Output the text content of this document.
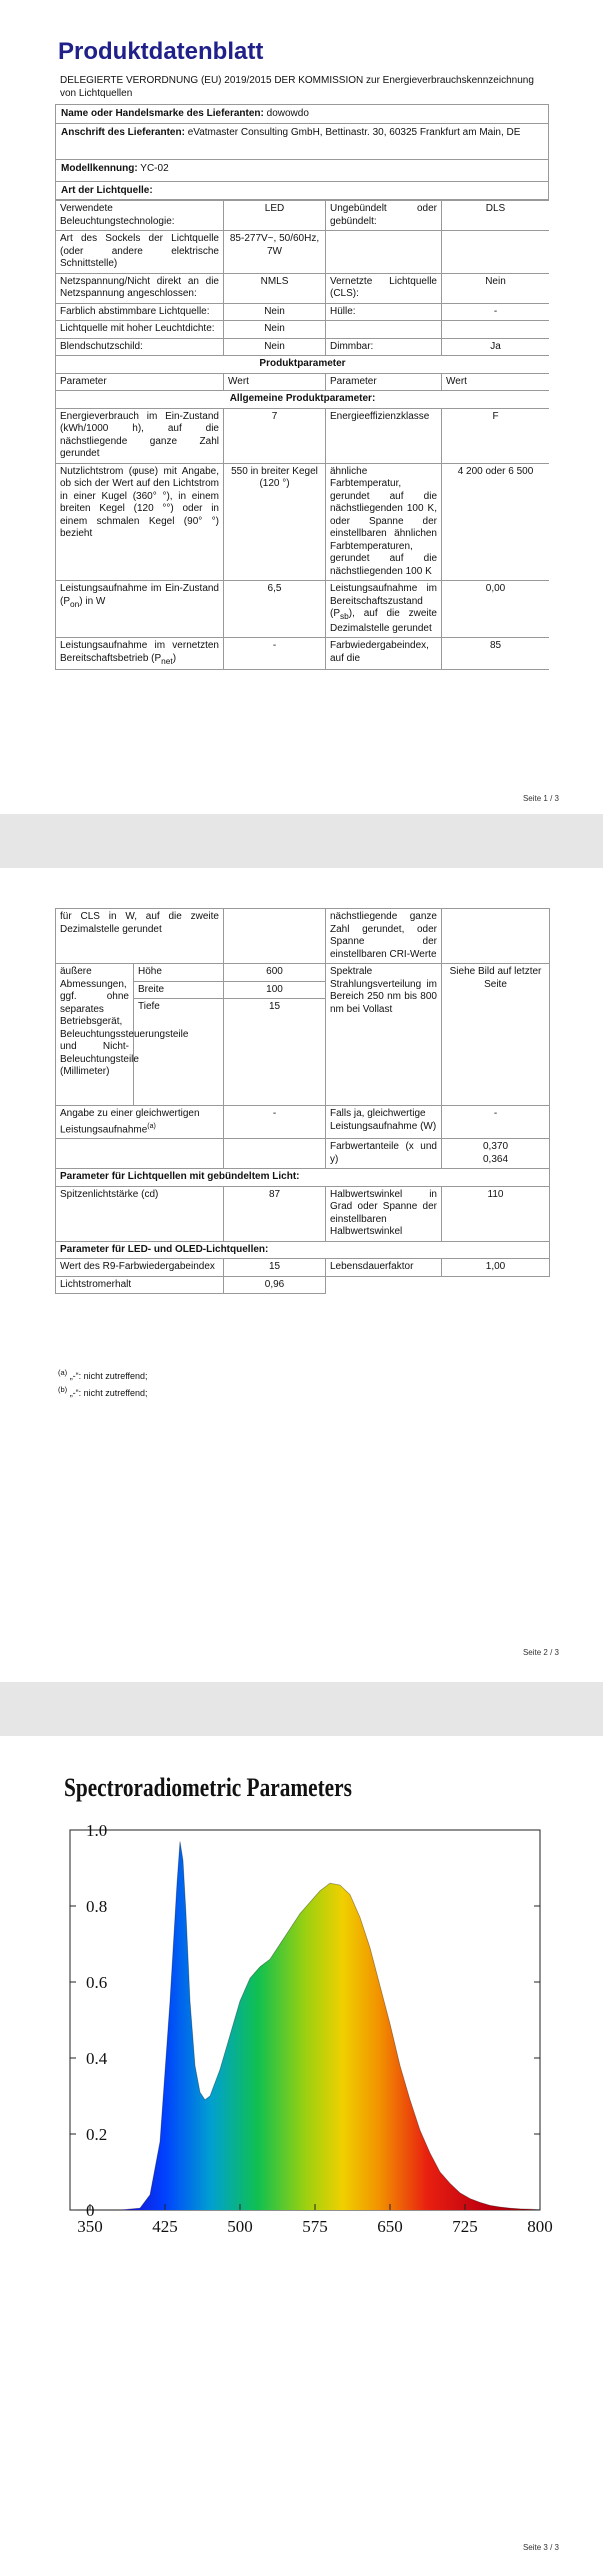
Produktdatenblatt
DELEGIERTE VERORDNUNG (EU) 2019/2015 DER KOMMISSION zur Energieverbrauchskennzeichnung von Lichtquellen
Name oder Handelsmarke des Lieferanten: dowowdo
Anschrift des Lieferanten: eVatmaster Consulting GmbH, Bettinastr. 30, 60325 Frankfurt am Main, DE
Modellkennung: YC-02
Art der Lichtquelle:
Verwendete Beleuchtungstechnologie:	LED	Ungebündelt oder gebündelt:	DLS
Art des Sockels der Lichtquelle (oder andere elektrische Schnittstelle)	85-277V~, 50/60Hz, 7W		
Netzspannung/Nicht direkt an die Netzspannung angeschlossen:	NMLS	Vernetzte Lichtquelle (CLS):	Nein
Farblich abstimmbare Lichtquelle:	Nein	Hülle:	-
Lichtquelle mit hoher Leuchtdichte:	Nein		
Blendschutzschild:	Nein	Dimmbar:	Ja
Produktparameter			
Parameter	Wert	Parameter	Wert
Allgemeine Produktparameter:			
Energieverbrauch im Ein-Zustand (kWh/1000 h), auf die nächstliegende ganze Zahl gerundet	7	Energieeffizienzklasse	F
Nutzlichtstrom (φuse) mit Angabe, ob sich der Wert auf den Lichtstrom in einer Kugel (360° °), in einem breiten Kegel (120 °°) oder in einem schmalen Kegel (90° °) bezieht	550 in breiter Kegel (120 °)	ähnliche Farbtemperatur, gerundet auf die nächstliegenden 100 K, oder Spanne der einstellbaren ähnlichen Farbtemperaturen, gerundet auf die nächstliegenden 100 K	4 200 oder 6 500
Leistungsaufnahme im Ein-Zustand $(P_{on})$ in W	6,5	Leistungsaufnahme im Bereitschaftszustand $(P_{sb})$, auf die zweite Dezimalstelle gerundet	0,00
Leistungsaufnahme im vernetzten Bereitschaftsbetrieb $(P_{net})$	-	Farbwiedergabeindex, auf die	85
Seite 1 / 3
für CLS in W, auf die zweite Dezimalstelle gerundet			nächstliegende ganze Zahl gerundet, oder Spanne der einstellbaren CRI-Werte	
äußere Abmessungen, ggf. ohne separates Betriebsgerät, Beleuchtungssteuerungsteile und Nicht-Beleuchtungsteile (Millimeter)	Höhe	600	Spektrale Strahlungsverteilung im Bereich 250 nm bis 800 nm bei Vollast	Siehe Bild auf letzter Seite
	Breite	100		
	Tiefe	15		
Angabe zu einer gleichwertigen Leistungsaufnahme$^{(a)}$		-	Falls ja, gleichwertige Leistungsaufnahme (W)	-
			Farbwertanteile (x und y)	0,370
0,364

Parameter für Lichtquellen mit gebündeltem Licht:				
Spitzenlichtstärke (cd)		87	Halbwertswinkel in Grad oder Spanne der einstellbaren Halbwertswinkel	110
Parameter für LED- und OLED-Lichtquellen:				
Wert des R9-Farbwiedergabeindex		15	Lebensdauerfaktor	1,00
Lichtstromerhalt		0,96		
$^{(a)}$ „-“: nicht zutreffend;
$^{(b)}$ „-“: nicht zutreffend;
Seite 2 / 3
Spectroradiometric Parameters
350	425	500	575	650	725	800
0
0.2
0.4
0.6
0.8
1.0
Seite 3 / 3
